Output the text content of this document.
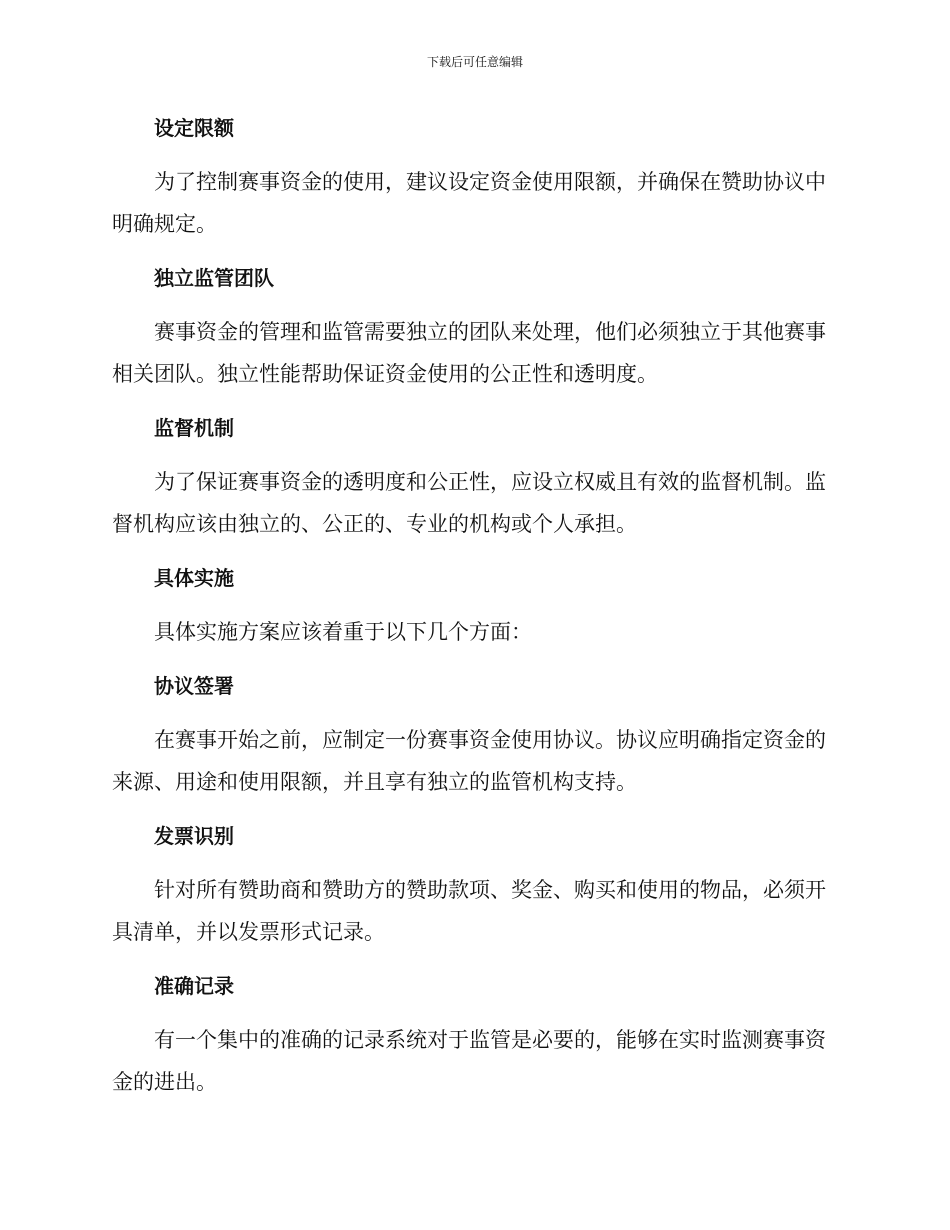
下载后可任意编辑
设定限额

为了控制赛事资金的使用，建议设定资金使用限额，并确保在赞助协议中明确规定。

独立监管团队

赛事资金的管理和监管需要独立的团队来处理，他们必须独立于其他赛事相关团队。独立性能帮助保证资金使用的公正性和透明度。

监督机制

为了保证赛事资金的透明度和公正性，应设立权威且有效的监督机制。监督机构应该由独立的、公正的、专业的机构或个人承担。

具体实施

具体实施方案应该着重于以下几个方面：

协议签署

在赛事开始之前，应制定一份赛事资金使用协议。协议应明确指定资金的来源、用途和使用限额，并且享有独立的监管机构支持。

发票识别

针对所有赞助商和赞助方的赞助款项、奖金、购买和使用的物品，必须开具清单，并以发票形式记录。

准确记录

有一个集中的准确的记录系统对于监管是必要的，能够在实时监测赛事资金的进出。
